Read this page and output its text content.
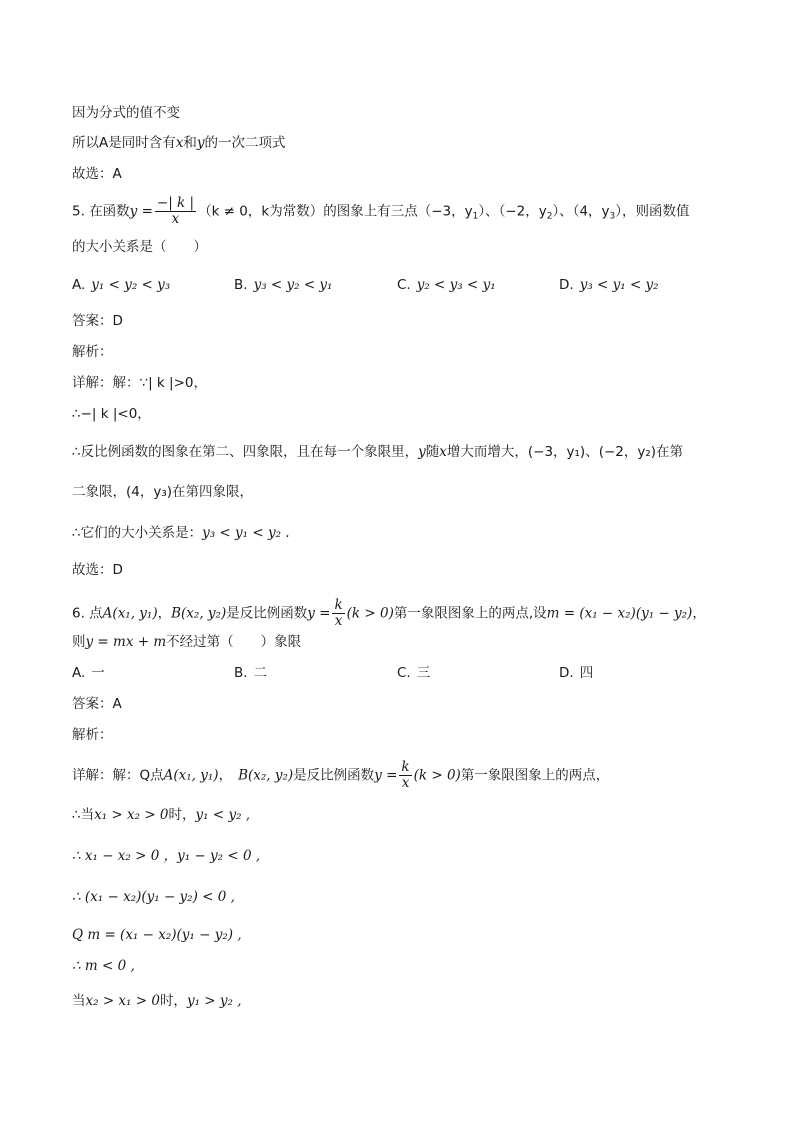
因为分式的值不变
所以A是同时含有x和y的一次二项式
故选：A
5. 在函数$y = \frac{-| k |}{x} (k \ne 0$，k为常数）的图象上有三点（−3，$y_1$）、（−2，$y_2$）、（4，$y_3$），则函数值
的大小关系是（　　）
A. y₁ < y₂ < y₃	B. y₃ < y₂ < y₁	C. y₂ < y₃ < y₁	D. y₃ < y₁ < y₂
答案：D
解析：
详解：解：∵| k |>0，
∴−| k |<0，
∴反比例函数的图象在第二、四象限，且在每一个象限里，y随x增大而增大，(−3，y₁)、(−2，y₂)在第
二象限，(4，y₃)在第四象限，
∴它们的大小关系是：y₃ < y₁ < y₂ .
故选：D
6. 点A(x₁, y₁)，B(x₂, y₂)是反比例函数$y = \frac{k}{x} (k > 0)$第一象限图象上的两点,设m = (x₁ − x₂)(y₁ − y₂)，
则y = mx + m不经过第（　　）象限
A. 一	B. 二	C. 三	D. 四
答案：A
解析：
详解：解：Q点A(x₁, y₁)， B(x₂, y₂)是反比例函数$y = \frac{k}{x} (k > 0)$第一象限图象上的两点，
∴当x₁ > x₂ > 0时，y₁ < y₂ ,
∴ x₁ − x₂ > 0 ，y₁ − y₂ < 0 ,
∴ (x₁ − x₂)(y₁ − y₂) < 0 ,
Q m = (x₁ − x₂)(y₁ − y₂) ,
∴ m < 0 ,
当x₂ > x₁ > 0时，y₁ > y₂ ,
